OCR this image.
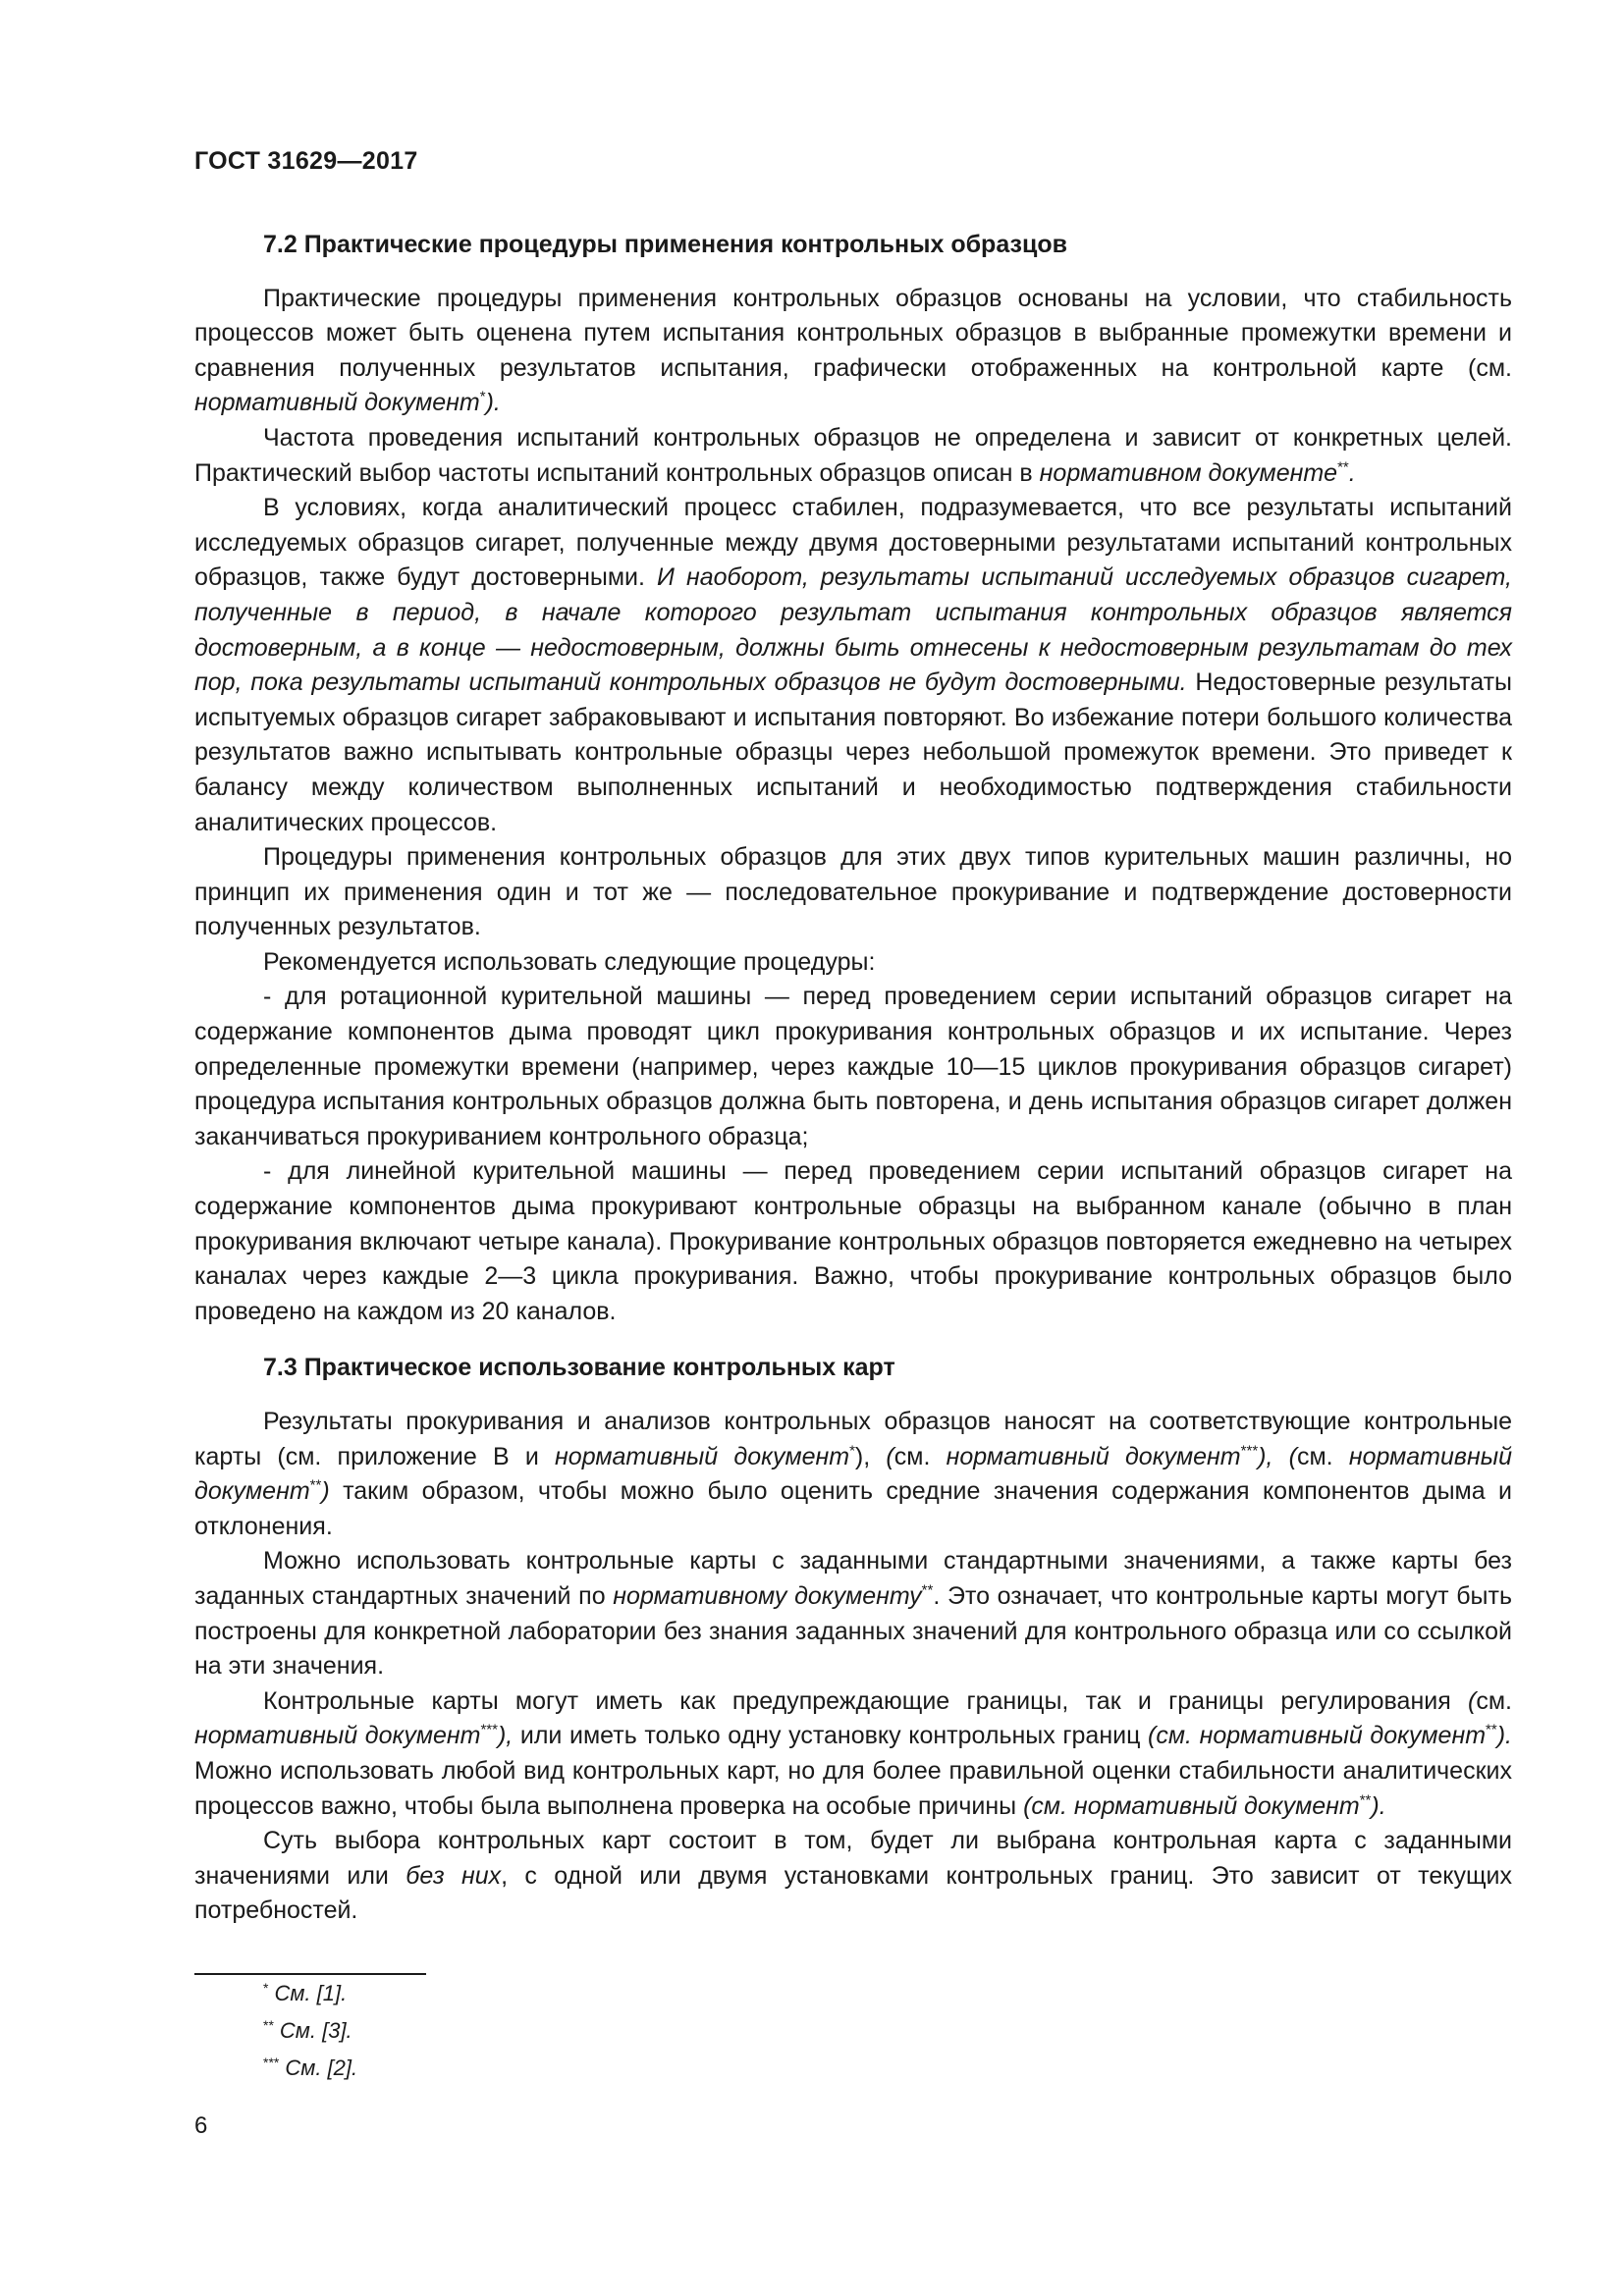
ГОСТ 31629—2017
7.2 Практические процедуры применения контрольных образцов

Практические процедуры применения контрольных образцов основаны на условии, что стабильность процессов может быть оценена путем испытания контрольных образцов в выбранные промежутки времени и сравнения полученных результатов испытания, графически отображенных на контрольной карте (см. нормативный документ*).

Частота проведения испытаний контрольных образцов не определена и зависит от конкретных целей. Практический выбор частоты испытаний контрольных образцов описан в нормативном документе**.

В условиях, когда аналитический процесс стабилен, подразумевается, что все результаты испытаний исследуемых образцов сигарет, полученные между двумя достоверными результатами испытаний контрольных образцов, также будут достоверными. И наоборот, результаты испытаний исследуемых образцов сигарет, полученные в период, в начале которого результат испытания контрольных образцов является достоверным, а в конце — недостоверным, должны быть отнесены к недостоверным результатам до тех пор, пока результаты испытаний контрольных образцов не будут достоверными. Недостоверные результаты испытуемых образцов сигарет забраковывают и испытания повторяют. Во избежание потери большого количества результатов важно испытывать контрольные образцы через небольшой промежуток времени. Это приведет к балансу между количеством выполненных испытаний и необходимостью подтверждения стабильности аналитических процессов.

Процедуры применения контрольных образцов для этих двух типов курительных машин различны, но принцип их применения один и тот же — последовательное прокуривание и подтверждение достоверности полученных результатов.

Рекомендуется использовать следующие процедуры:

- для ротационной курительной машины — перед проведением серии испытаний образцов сигарет на содержание компонентов дыма проводят цикл прокуривания контрольных образцов и их испытание. Через определенные промежутки времени (например, через каждые 10—15 циклов прокуривания образцов сигарет) процедура испытания контрольных образцов должна быть повторена, и день испытания образцов сигарет должен заканчиваться прокуриванием контрольного образца;

- для линейной курительной машины — перед проведением серии испытаний образцов сигарет на содержание компонентов дыма прокуривают контрольные образцы на выбранном канале (обычно в план прокуривания включают четыре канала). Прокуривание контрольных образцов повторяется ежедневно на четырех каналах через каждые 2—3 цикла прокуривания. Важно, чтобы прокуривание контрольных образцов было проведено на каждом из 20 каналов.

7.3 Практическое использование контрольных карт

Результаты прокуривания и анализов контрольных образцов наносят на соответствующие контрольные карты (см. приложение В и нормативный документ*), (см. нормативный документ***), (см. нормативный документ**) таким образом, чтобы можно было оценить средние значения содержания компонентов дыма и отклонения.

Можно использовать контрольные карты с заданными стандартными значениями, а также карты без заданных стандартных значений по нормативному документу**. Это означает, что контрольные карты могут быть построены для конкретной лаборатории без знания заданных значений для контрольного образца или со ссылкой на эти значения.

Контрольные карты могут иметь как предупреждающие границы, так и границы регулирования (см. нормативный документ***), или иметь только одну установку контрольных границ (см. нормативный документ**). Можно использовать любой вид контрольных карт, но для более правильной оценки стабильности аналитических процессов важно, чтобы была выполнена проверка на особые причины (см. нормативный документ**).

Суть выбора контрольных карт состоит в том, будет ли выбрана контрольная карта с заданными значениями или без них, с одной или двумя установками контрольных границ. Это зависит от текущих потребностей.

* См. [1].
** См. [3].
*** См. [2].
6
